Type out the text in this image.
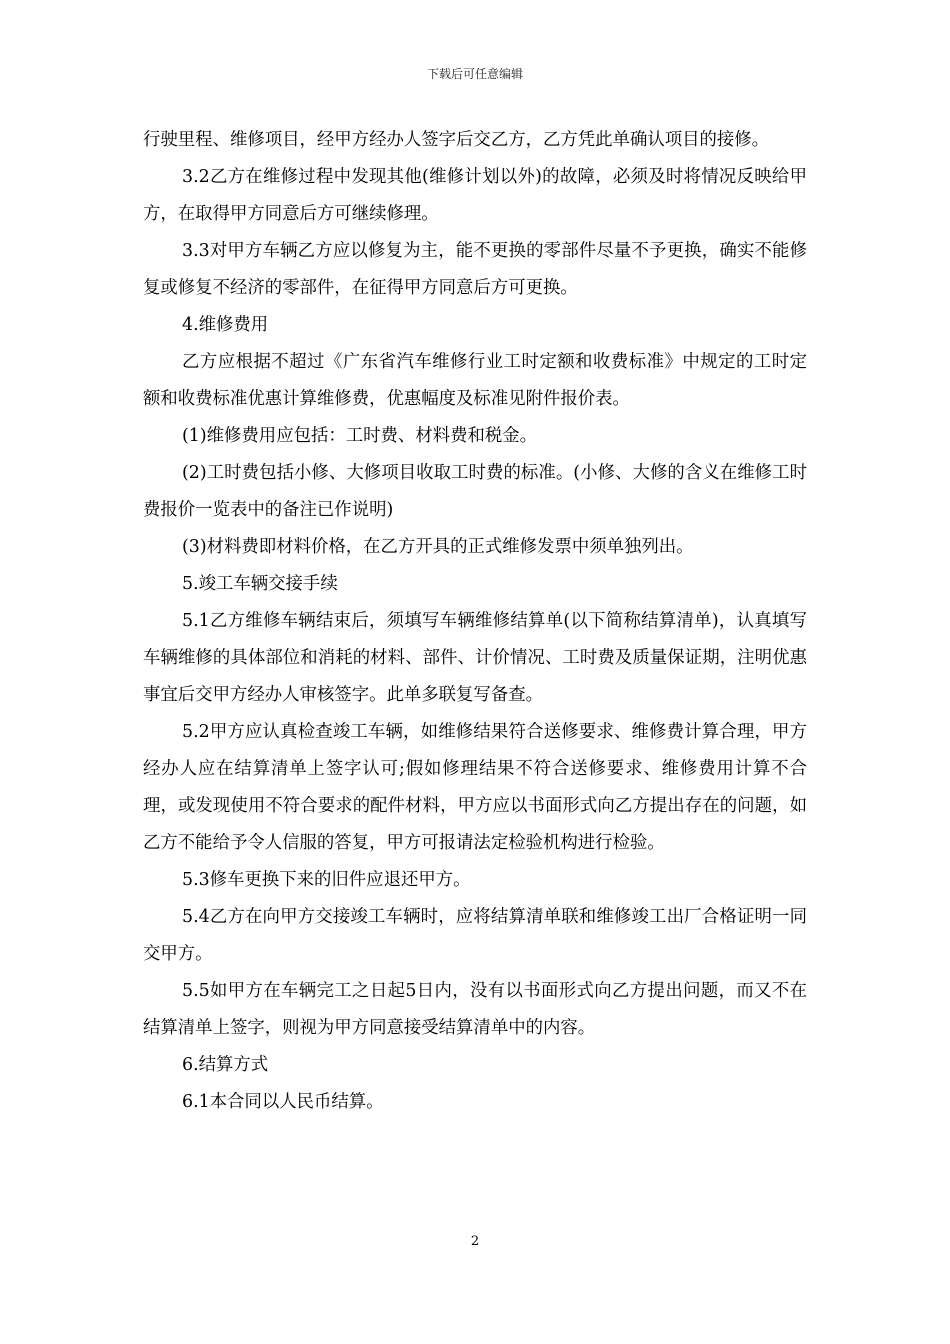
下载后可任意编辑

行驶里程、维修项目，经甲方经办人签字后交乙方，乙方凭此单确认项目的接修。

3.2乙方在维修过程中发现其他(维修计划以外)的故障，必须及时将情况反映给甲方，在取得甲方同意后方可继续修理。

3.3对甲方车辆乙方应以修复为主，能不更换的零部件尽量不予更换，确实不能修复或修复不经济的零部件，在征得甲方同意后方可更换。

4.维修费用

乙方应根据不超过《广东省汽车维修行业工时定额和收费标准》中规定的工时定额和收费标准优惠计算维修费，优惠幅度及标准见附件报价表。

(1)维修费用应包括：工时费、材料费和税金。

(2)工时费包括小修、大修项目收取工时费的标准。(小修、大修的含义在维修工时费报价一览表中的备注已作说明)

(3)材料费即材料价格，在乙方开具的正式维修发票中须单独列出。

5.竣工车辆交接手续

5.1乙方维修车辆结束后，须填写车辆维修结算单(以下简称结算清单)，认真填写车辆维修的具体部位和消耗的材料、部件、计价情况、工时费及质量保证期，注明优惠事宜后交甲方经办人审核签字。此单多联复写备查。

5.2甲方应认真检查竣工车辆，如维修结果符合送修要求、维修费计算合理，甲方经办人应在结算清单上签字认可;假如修理结果不符合送修要求、维修费用计算不合理，或发现使用不符合要求的配件材料，甲方应以书面形式向乙方提出存在的问题，如乙方不能给予令人信服的答复，甲方可报请法定检验机构进行检验。

5.3修车更换下来的旧件应退还甲方。

5.4乙方在向甲方交接竣工车辆时，应将结算清单联和维修竣工出厂合格证明一同交甲方。

5.5如甲方在车辆完工之日起5日内，没有以书面形式向乙方提出问题，而又不在结算清单上签字，则视为甲方同意接受结算清单中的内容。

6.结算方式

6.1本合同以人民币结算。

2
